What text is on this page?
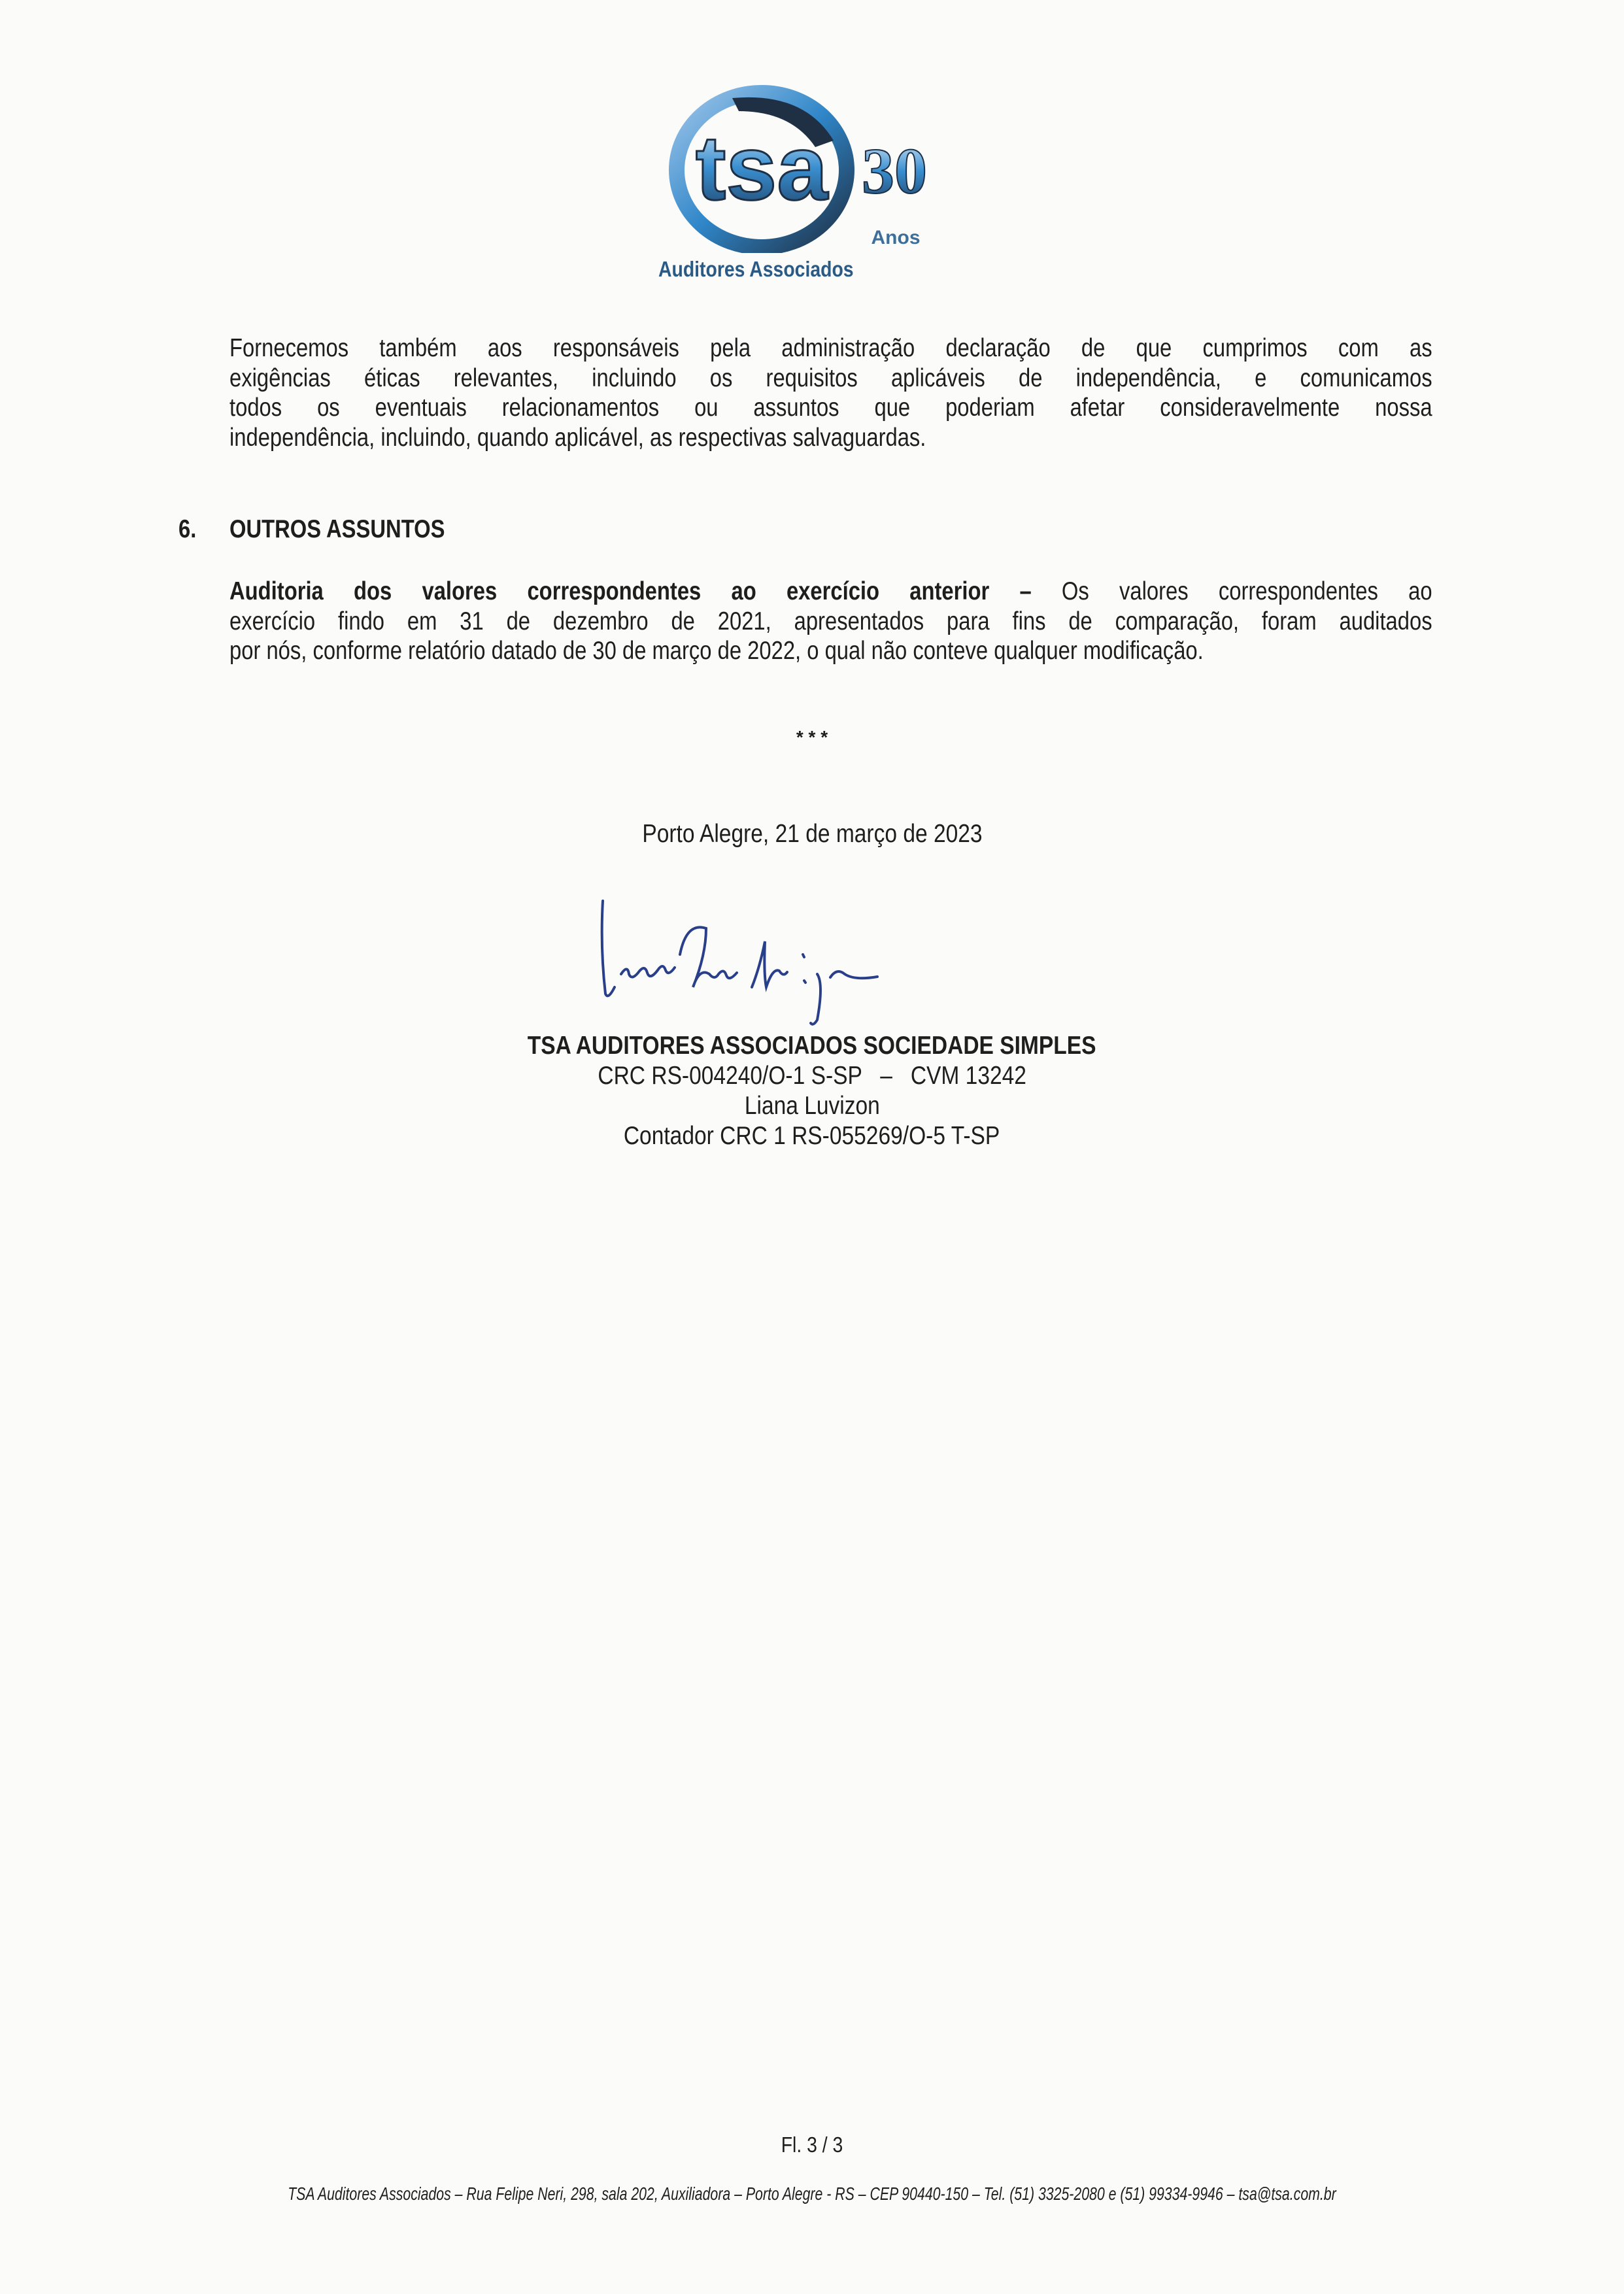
tsa 30
Anos
Auditores Associados
Fornecemos também aos responsáveis pela administração declaração de que cumprimos com as
exigências éticas relevantes, incluindo os requisitos aplicáveis de independência, e comunicamos
todos os eventuais relacionamentos ou assuntos que poderiam afetar consideravelmente nossa
independência, incluindo, quando aplicável, as respectivas salvaguardas.
6. OUTROS ASSUNTOS
Auditoria dos valores correspondentes ao exercício anterior – Os valores correspondentes ao
exercício findo em 31 de dezembro de 2021, apresentados para fins de comparação, foram auditados
por nós, conforme relatório datado de 30 de março de 2022, o qual não conteve qualquer modificação.
* * *
Porto Alegre, 21 de março de 2023
TSA AUDITORES ASSOCIADOS SOCIEDADE SIMPLES
CRC RS-004240/O-1 S-SP   –   CVM 13242
Liana Luvizon
Contador CRC 1 RS-055269/O-5 T-SP
Fl. 3 / 3
TSA Auditores Associados – Rua Felipe Neri, 298, sala 202, Auxiliadora – Porto Alegre - RS – CEP 90440-150 – Tel. (51) 3325-2080 e (51) 99334-9946 – tsa@tsa.com.br
